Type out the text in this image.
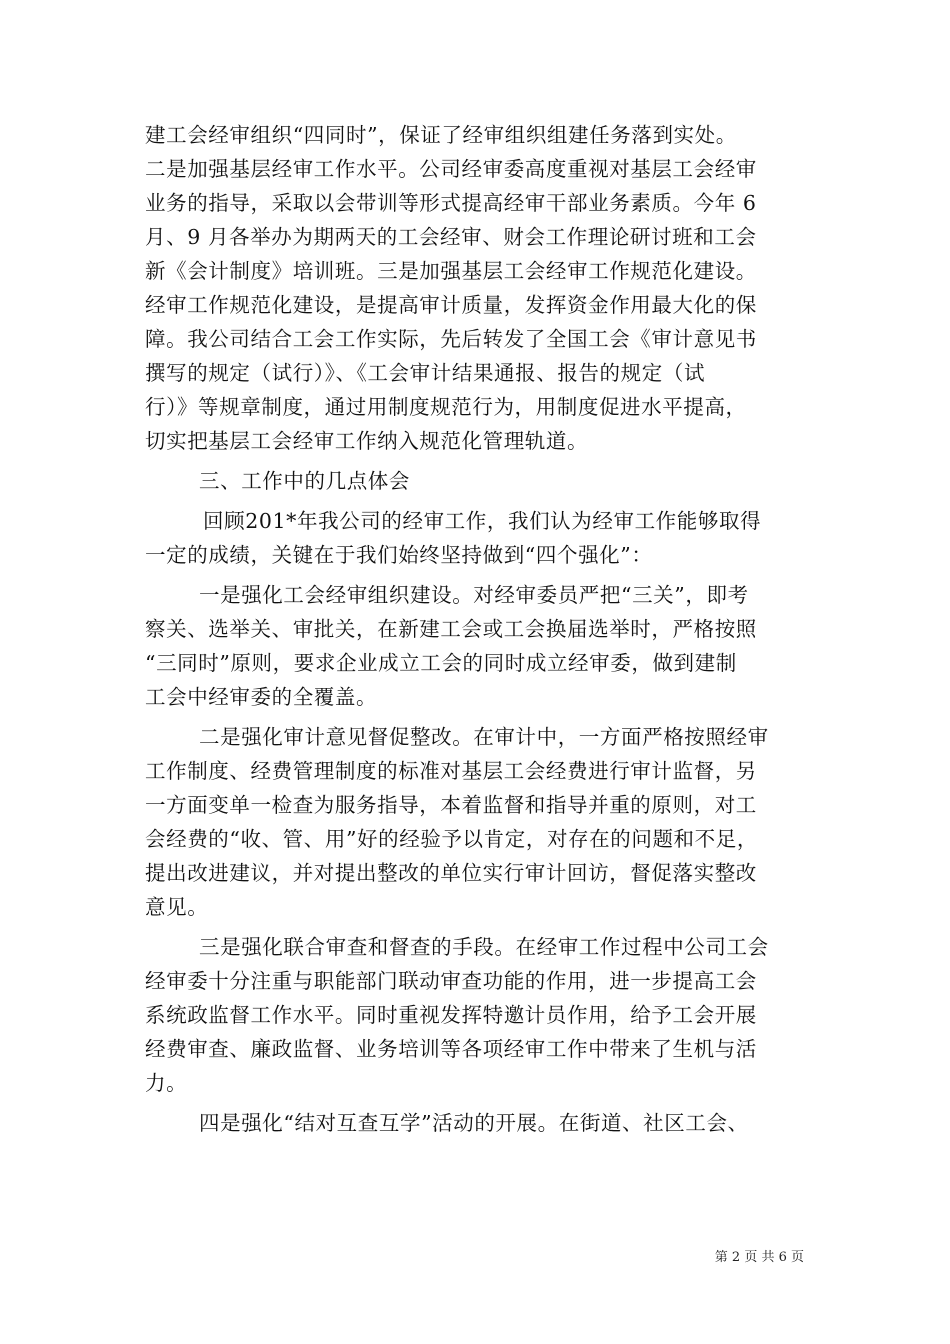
建工会经审组织“四同时”，保证了经审组织组建任务落到实处。
二是加强基层经审工作水平。公司经审委高度重视对基层工会经审
业务的指导，采取以会带训等形式提高经审干部业务素质。今年 6
月、9 月各举办为期两天的工会经审、财会工作理论研讨班和工会
新《会计制度》培训班。三是加强基层工会经审工作规范化建设。
经审工作规范化建设，是提高审计质量，发挥资金作用最大化的保
障。我公司结合工会工作实际，先后转发了全国工会《审计意见书
撰写的规定（试行）》、《工会审计结果通报、报告的规定（试
行）》等规章制度，通过用制度规范行为，用制度促进水平提高，
切实把基层工会经审工作纳入规范化管理轨道。
三、工作中的几点体会
回顾201*年我公司的经审工作，我们认为经审工作能够取得
一定的成绩，关键在于我们始终坚持做到“四个强化”：
一是强化工会经审组织建设。对经审委员严把“三关”，即考
察关、选举关、审批关，在新建工会或工会换届选举时，严格按照
“三同时”原则，要求企业成立工会的同时成立经审委，做到建制
工会中经审委的全覆盖。
二是强化审计意见督促整改。在审计中，一方面严格按照经审
工作制度、经费管理制度的标准对基层工会经费进行审计监督，另
一方面变单一检查为服务指导，本着监督和指导并重的原则，对工
会经费的“收、管、用”好的经验予以肯定，对存在的问题和不足，
提出改进建议，并对提出整改的单位实行审计回访，督促落实整改
意见。
三是强化联合审查和督查的手段。在经审工作过程中公司工会
经审委十分注重与职能部门联动审查功能的作用，进一步提高工会
系统政监督工作水平。同时重视发挥特邀计员作用，给予工会开展
经费审查、廉政监督、业务培训等各项经审工作中带来了生机与活
力。
四是强化“结对互查互学”活动的开展。在街道、社区工会、
第 2 页 共 6 页
